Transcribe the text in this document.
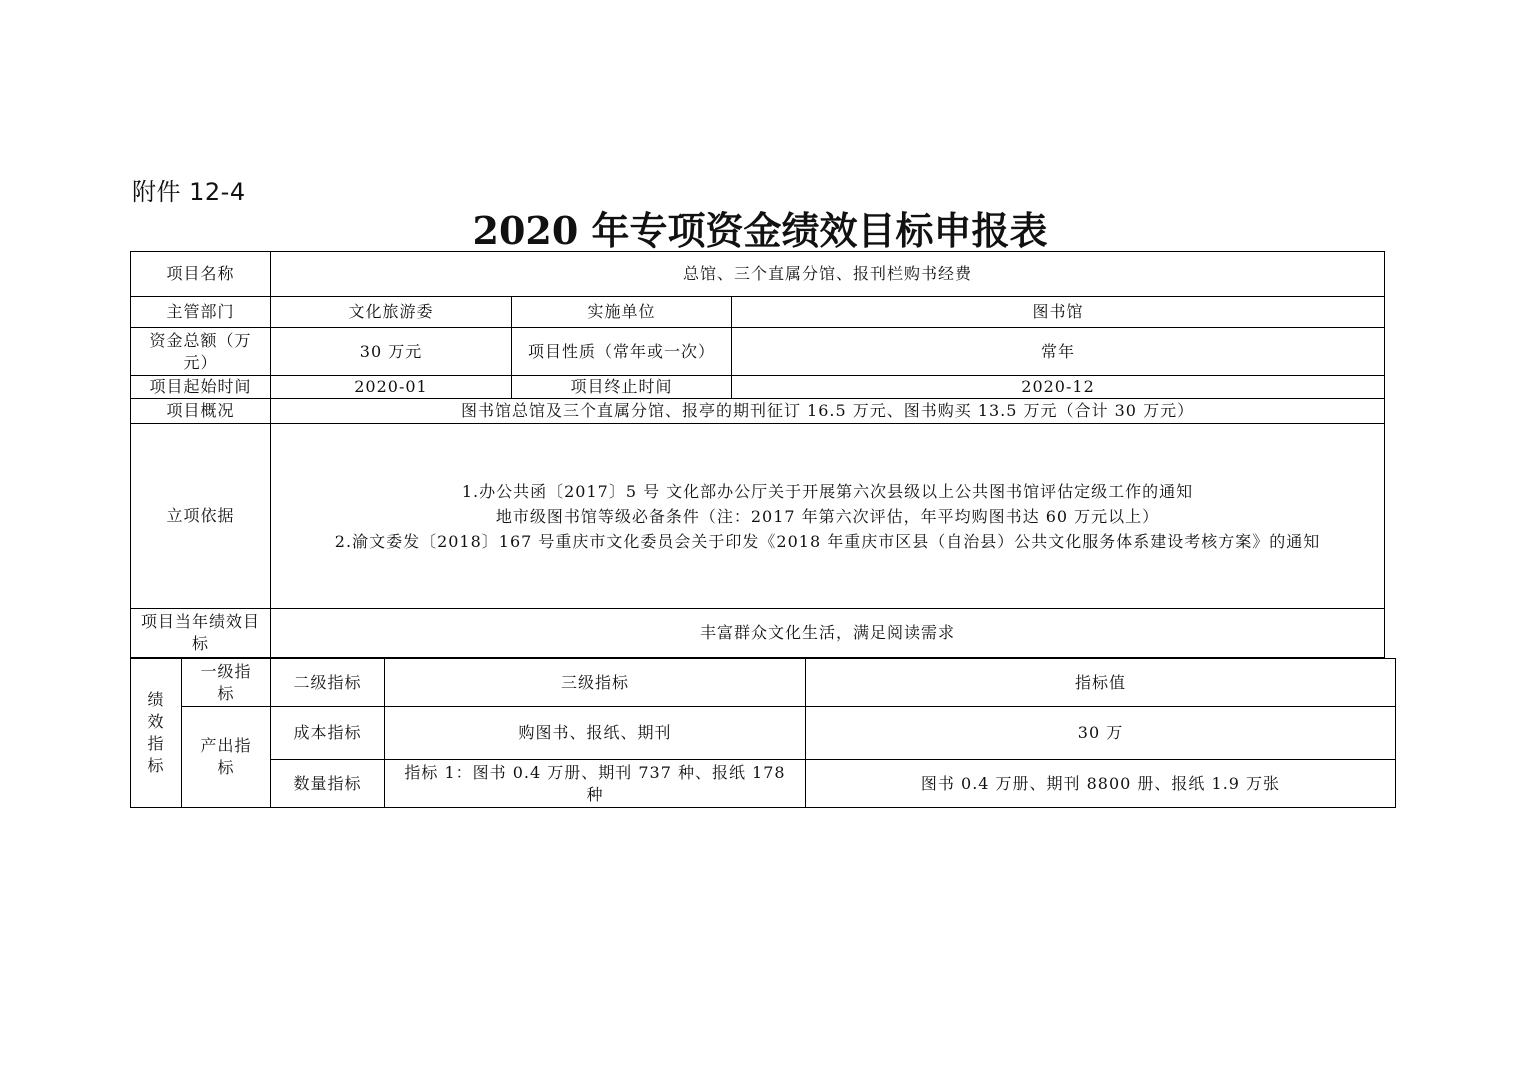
附件 12-4
2020 年专项资金绩效目标申报表
项目名称	总馆、三个直属分馆、报刊栏购书经费		
主管部门	文化旅游委	实施单位	图书馆
资金总额（万元）	30 万元	项目性质（常年或一次）	常年
项目起始时间	2020-01	项目终止时间	2020-12
项目概况	图书馆总馆及三个直属分馆、报亭的期刊征订 16.5 万元、图书购买 13.5 万元（合计 30 万元）		
立项依据	1.办公共函〔2017〕5 号 文化部办公厅关于开展第六次县级以上公共图书馆评估定级工作的通知
地市级图书馆等级必备条件（注：2017 年第六次评估，年平均购图书达 60 万元以上）
2.渝文委发〔2018〕167 号重庆市文化委员会关于印发《2018 年重庆市区县（自治县）公共文化服务体系建设考核方案》的通知		

项目当年绩效目标	丰富群众文化生活，满足阅读需求		
绩效指标	一级指标	二级指标	三级指标	指标值
	产出指标	成本指标	购图书、报纸、期刊	30 万
		数量指标	指标 1：图书 0.4 万册、期刊 737 种、报纸 178 种	图书 0.4 万册、期刊 8800 册、报纸 1.9 万张
